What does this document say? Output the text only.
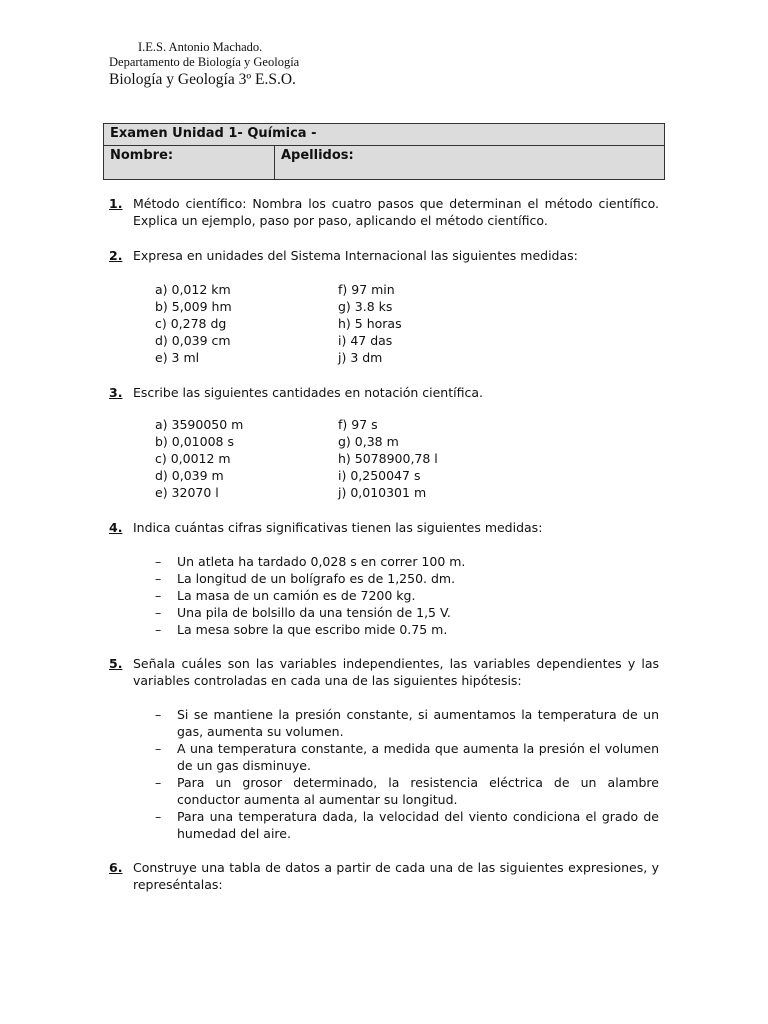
I.E.S. Antonio Machado.
Departamento de Biología y Geología
Biología y Geología 3º E.S.O.
Examen Unidad 1- Química -
Nombre:	Apellidos:
1. Método científico: Nombra los cuatro pasos que determinan el método científico. Explica un ejemplo, paso por paso, aplicando el método científico.
2. Expresa en unidades del Sistema Internacional las siguientes medidas:
a) 0,012 km
b) 5,009 hm
c) 0,278 dg
d) 0,039 cm
e) 3 ml
f) 97 min
g) 3.8 ks
h) 5 horas
i) 47 das
j) 3 dm
3. Escribe las siguientes cantidades en notación científica.
a) 3590050 m
b) 0,01008 s
c) 0,0012 m
d) 0,039 m
e) 32070 l
f) 97 s
g) 0,38 m
h) 5078900,78 l
i) 0,250047 s
j) 0,010301 m
4. Indica cuántas cifras significativas tienen las siguientes medidas:
– Un atleta ha tardado 0,028 s en correr 100 m.
– La longitud de un bolígrafo es de 1,250. dm.
– La masa de un camión es de 7200 kg.
– Una pila de bolsillo da una tensión de 1,5 V.
– La mesa sobre la que escribo mide 0.75 m.
5. Señala cuáles son las variables independientes, las variables dependientes y las variables controladas en cada una de las siguientes hipótesis:
– Si se mantiene la presión constante, si aumentamos la temperatura de un gas, aumenta su volumen.
– A una temperatura constante, a medida que aumenta la presión el volumen de un gas disminuye.
– Para un grosor determinado, la resistencia eléctrica de un alambre conductor aumenta al aumentar su longitud.
– Para una temperatura dada, la velocidad del viento condiciona el grado de humedad del aire.
6. Construye una tabla de datos a partir de cada una de las siguientes expresiones, y represéntalas:
